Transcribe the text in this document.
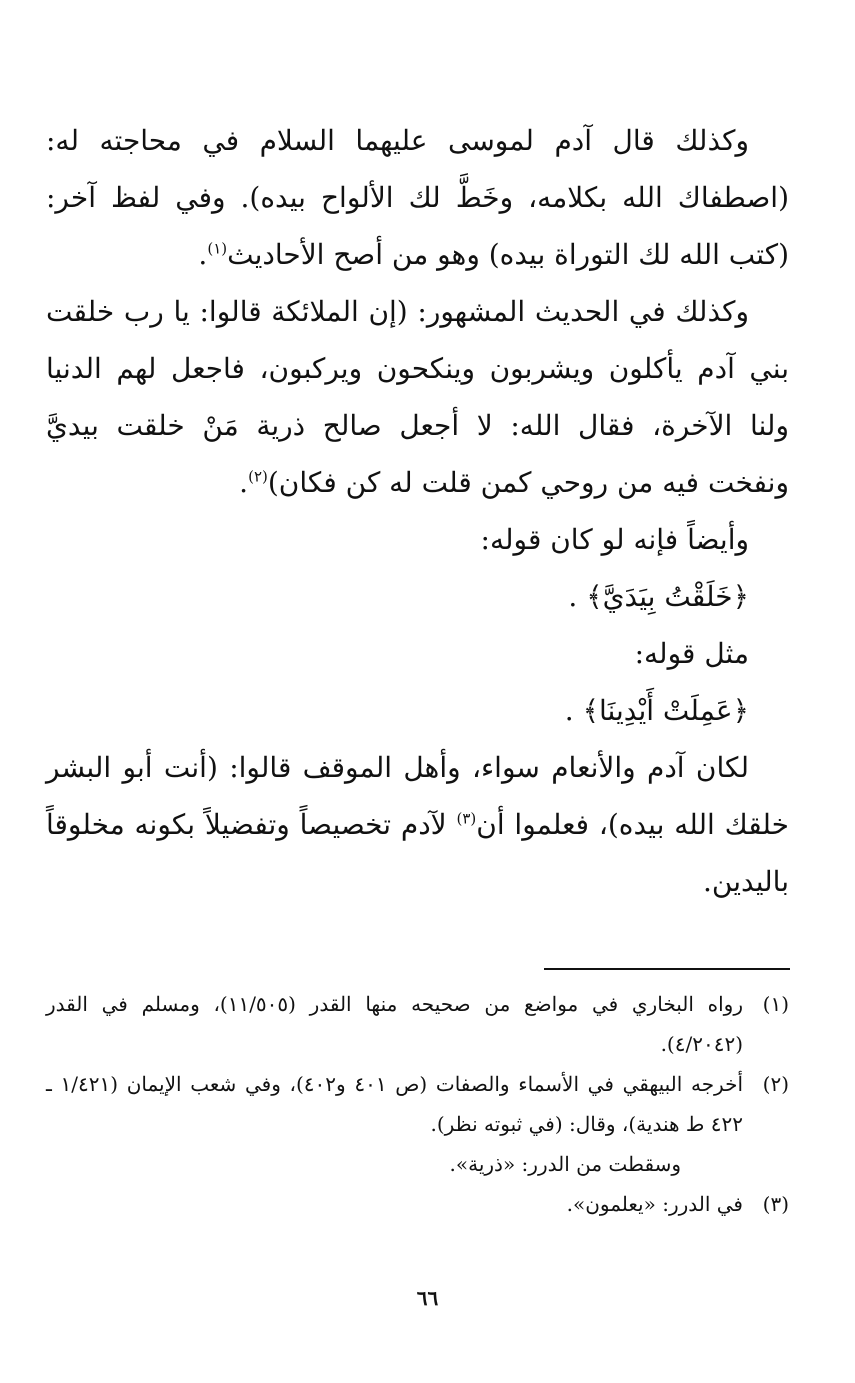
وكذلك قال آدم لموسى عليهما السلام في محاجته له: (اصطفاك الله بكلامه، وخَطَّ لك الألواح بيده). وفي لفظ آخر: (كتب الله لك التوراة بيده) وهو من أصح الأحاديث$^{(١)}$.

وكذلك في الحديث المشهور: (إن الملائكة قالوا: يا رب خلقت بني آدم يأكلون ويشربون وينكحون ويركبون، فاجعل لهم الدنيا ولنا الآخرة، فقال الله: لا أجعل صالح ذرية مَنْ خلقت بيديَّ ونفخت فيه من روحي كمن قلت له كن فكان)$^{(٢)}$.

وأيضاً فإنه لو كان قوله:

﴿خَلَقْتُ بِيَدَيَّ﴾ .

مثل قوله:

﴿عَمِلَتْ أَيْدِينَا﴾ .

لكان آدم والأنعام سواء، وأهل الموقف قالوا: (أنت أبو البشر خلقك الله بيده)، فعلموا أن$^{(٣)}$ لآدم تخصيصاً وتفضيلاً بكونه مخلوقاً باليدين.

(١)
رواه البخاري في مواضع من صحيحه منها القدر (١١/٥٠٥)، ومسلم في القدر (٤/٢٠٤٢).
(٢)
أخرجه البيهقي في الأسماء والصفات (ص ٤٠١ و٤٠٢)، وفي شعب الإيمان (١/٤٢١ ـ ٤٢٢ ط هندية)، وقال: (في ثبوته نظر).
وسقطت من الدرر: «ذرية».
(٣)
في الدرر: «يعلمون».
٦٦
